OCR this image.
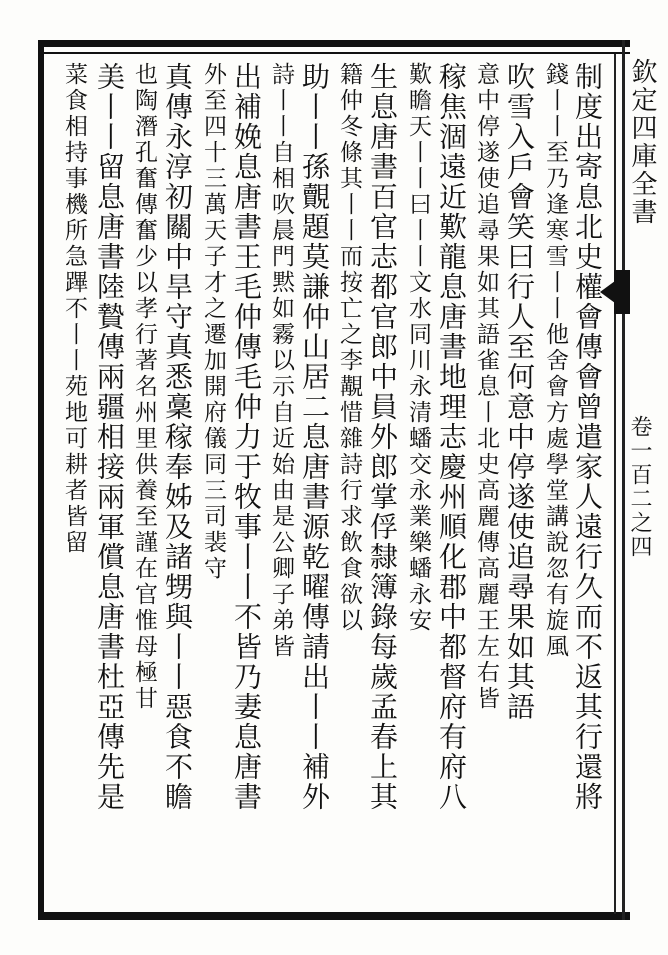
欽定四庫全書
卷一百二之四
制度出寄息北史權會傳會曾遣家人遠行久而不返其行還將
錢丨丨至乃逢寒雪丨丨他舍會方處學堂講說忽有旋風
吹雪入戶會笑曰行人至何意中停遂使追尋果如其語
意中停遂使追尋果如其語雀息丨北史高麗傳高麗王左右皆
稼焦涸遠近歎龍息唐書地理志慶州順化郡中都督府有府八
歎瞻天丨丨曰丨丨文水同川永清蟠交永業樂蟠永安
生息唐書百官志都官郎中員外郎掌俘隸簿錄每歲孟春上其
籍仲冬條其丨丨而按亡之李覯惜雜詩行求飲食欲以
助丨丨孫覿題莫謙仲山居二息唐書源乾曜傳請出丨丨補外
詩丨丨自相吹晨門黙如霧以示自近始由是公卿子弟皆
出補娩息唐書王毛仲傳毛仲力于牧事丨丨不皆乃妻息唐書
外至四十三萬天子才之遷加開府儀同三司裴守
真傳永淳初關中旱守真悉稾稼奉姊及諸甥與丨丨惡食不瞻
也陶潛孔奮傳奮少以孝行著名州里供養至謹在官惟母極甘
美丨丨留息唐書陸贄傳兩疆相接兩軍償息唐書杜亞傳先是
菜食相持事機所急蹕不丨丨苑地可耕者皆留
